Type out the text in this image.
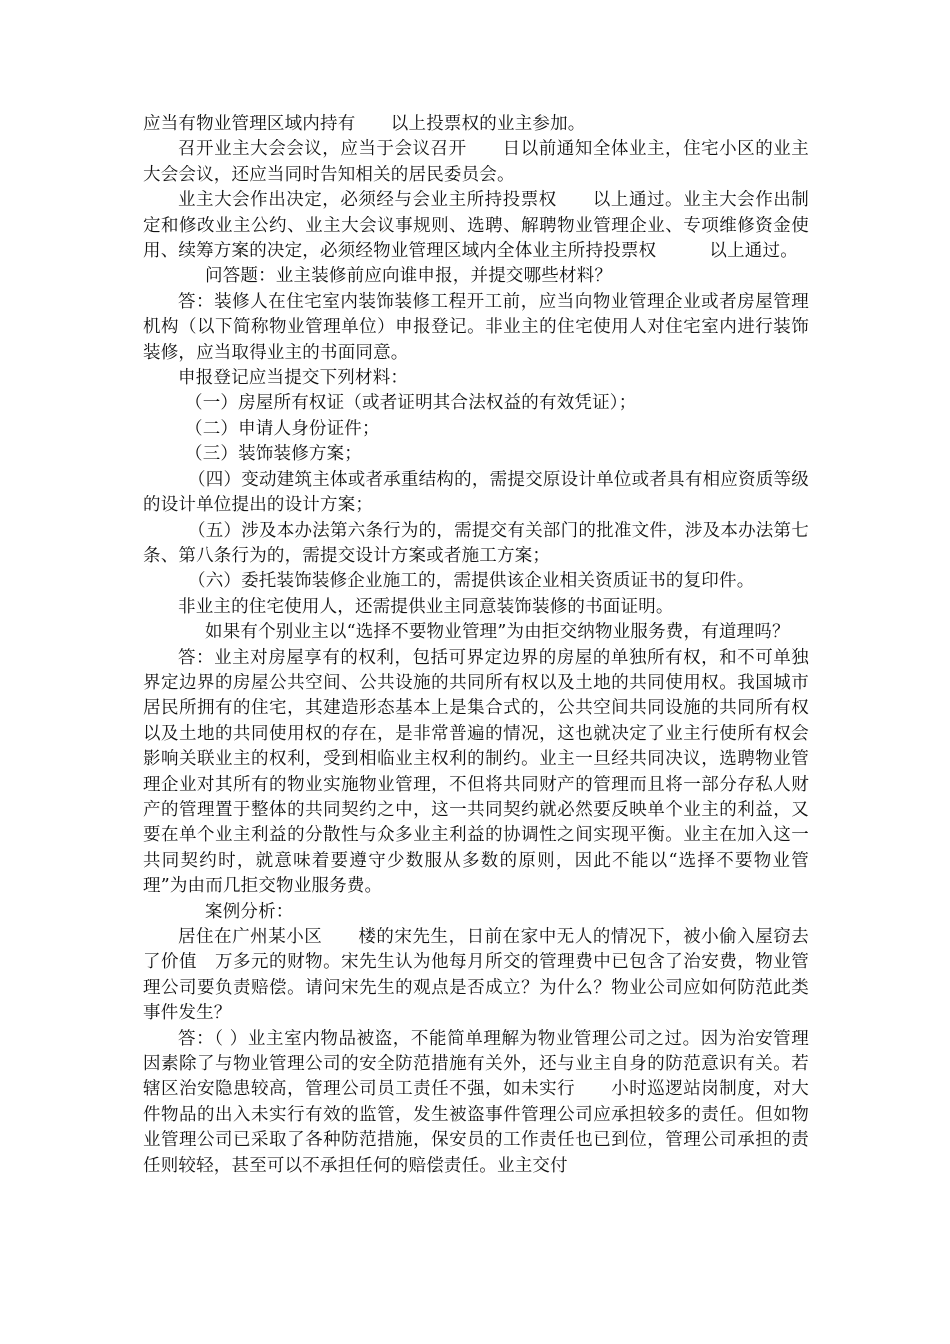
应当有物业管理区域内持有　　以上投票权的业主参加。

召开业主大会会议，应当于会议召开　　日以前通知全体业主，住宅小区的业主大会会议，还应当同时告知相关的居民委员会。

业主大会作出决定，必须经与会业主所持投票权　　以上通过。业主大会作出制定和修改业主公约、业主大会议事规则、选聘、解聘物业管理企业、专项维修资金使用、续筹方案的决定，必须经物业管理区域内全体业主所持投票权　　　以上通过。

问答题：业主装修前应向谁申报，并提交哪些材料？

答：装修人在住宅室内装饰装修工程开工前，应当向物业管理企业或者房屋管理机构（以下简称物业管理单位）申报登记。非业主的住宅使用人对住宅室内进行装饰装修，应当取得业主的书面同意。

申报登记应当提交下列材料：

（一）房屋所有权证（或者证明其合法权益的有效凭证）；

（二）申请人身份证件；

（三）装饰装修方案；

（四）变动建筑主体或者承重结构的，需提交原设计单位或者具有相应资质等级的设计单位提出的设计方案；

（五）涉及本办法第六条行为的，需提交有关部门的批准文件，涉及本办法第七条、第八条行为的，需提交设计方案或者施工方案；

（六）委托装饰装修企业施工的，需提供该企业相关资质证书的复印件。

非业主的住宅使用人，还需提供业主同意装饰装修的书面证明。

如果有个别业主以“选择不要物业管理”为由拒交纳物业服务费，有道理吗？

答：业主对房屋享有的权利，包括可界定边界的房屋的单独所有权，和不可单独界定边界的房屋公共空间、公共设施的共同所有权以及土地的共同使用权。我国城市居民所拥有的住宅，其建造形态基本上是集合式的，公共空间共同设施的共同所有权以及土地的共同使用权的存在，是非常普遍的情况，这也就决定了业主行使所有权会影响关联业主的权利，受到相临业主权利的制约。业主一旦经共同决议，选聘物业管理企业对其所有的物业实施物业管理，不但将共同财产的管理而且将一部分存私人财产的管理置于整体的共同契约之中，这一共同契约就必然要反映单个业主的利益，又要在单个业主利益的分散性与众多业主利益的协调性之间实现平衡。业主在加入这一共同契约时，就意味着要遵守少数服从多数的原则，因此不能以“选择不要物业管理”为由而几拒交物业服务费。

案例分析：

居住在广州某小区　　楼的宋先生，日前在家中无人的情况下，被小偷入屋窃去了价值　万多元的财物。宋先生认为他每月所交的管理费中已包含了治安费，物业管理公司要负责赔偿。请问宋先生的观点是否成立？为什么？物业公司应如何防范此类事件发生？

答：（ ）业主室内物品被盗，不能简单理解为物业管理公司之过。因为治安管理因素除了与物业管理公司的安全防范措施有关外，还与业主自身的防范意识有关。若辖区治安隐患较高，管理公司员工责任不强，如未实行　　小时巡逻站岗制度，对大件物品的出入未实行有效的监管，发生被盗事件管理公司应承担较多的责任。但如物业管理公司已采取了各种防范措施，保安员的工作责任也已到位，管理公司承担的责任则较轻，甚至可以不承担任何的赔偿责任。业主交付
